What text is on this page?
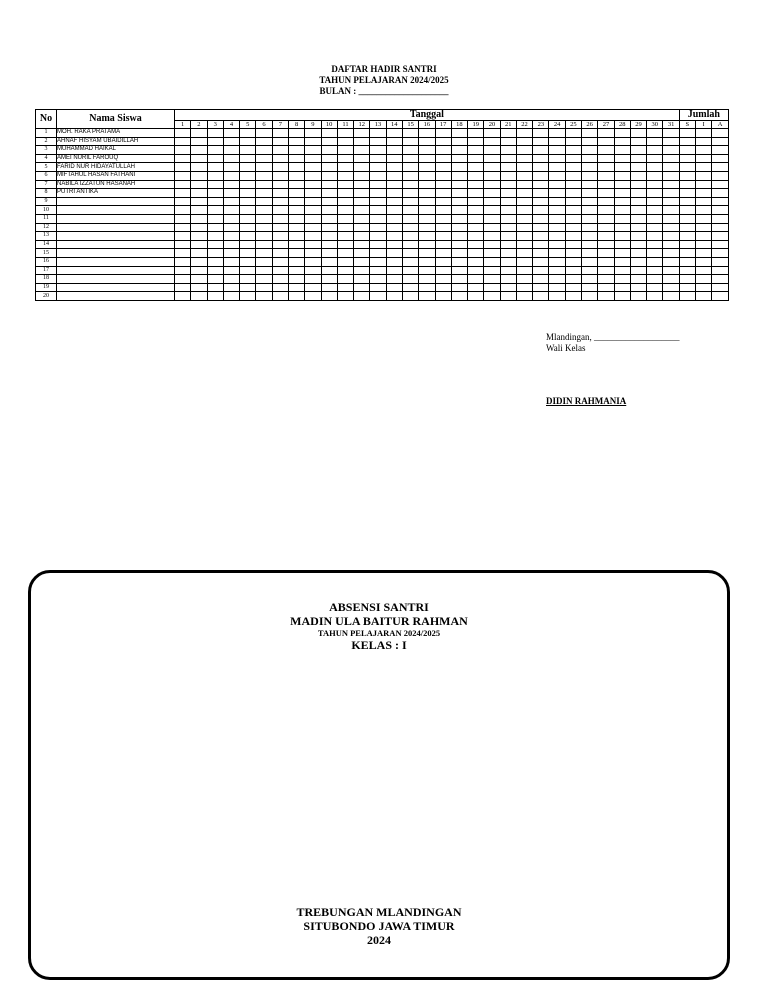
DAFTAR HADIR SANTRI
TAHUN PELAJARAN 2024/2025
BULAN : ____________________
No	Nama Siswa	Tanggal																															Jumlah		
		1	2	3	4	5	6	7	8	9	10	11	12	13	14	15	16	17	18	19	20	21	22	23	24	25	26	27	28	29	30	31	S	I	A
1	MOH. RAKA PRATAMA																																		
2	AHNAF HISYAM UBAIDILLAH																																		
3	MUHAMMAD HAIKAL																																		
4	AMEI NURIL FAROUQ																																		
5	FARID NUR HIDAYATULLAH																																		
6	MIFTAHUL HASAN FATHANI																																		
7	NABILA IZZATUN HASANAH																																		
8	PUTRI ANTIKA																																		
9																																			
10																																			
11																																			
12																																			
13																																			
14																																			
15																																			
16																																			
17																																			
18																																			
19																																			
20																																			
Mlandingan, ___________________
Wali Kelas
DIDIN RAHMANIA
ABSENSI SANTRI
MADIN ULA BAITUR RAHMAN
TAHUN PELAJARAN 2024/2025
KELAS : I
TREBUNGAN MLANDINGAN
SITUBONDO JAWA TIMUR
2024
